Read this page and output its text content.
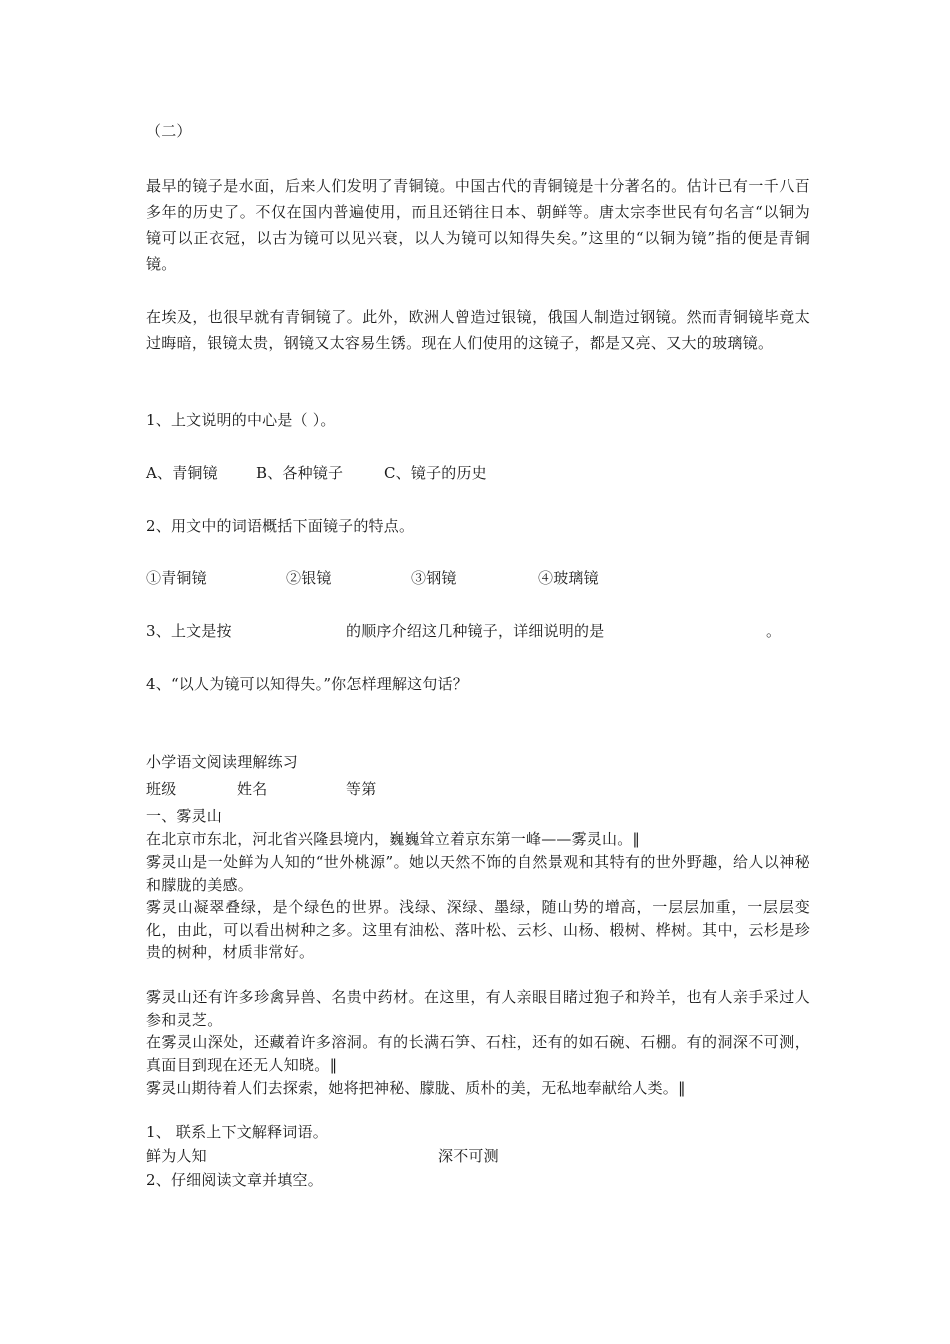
（二）
最早的镜子是水面，后来人们发明了青铜镜。中国古代的青铜镜是十分著名的。估计已有一千八百多年的历史了。不仅在国内普遍使用，而且还销往日本、朝鲜等。唐太宗李世民有句名言“以铜为镜可以正衣冠，以古为镜可以见兴衰，以人为镜可以知得失矣。”这里的“以铜为镜”指的便是青铜镜。
在埃及，也很早就有青铜镜了。此外，欧洲人曾造过银镜，俄国人制造过钢镜。然而青铜镜毕竟太过晦暗，银镜太贵，钢镜又太容易生锈。现在人们使用的这镜子，都是又亮、又大的玻璃镜。
1、上文说明的中心是（ ）。
A、青铜镜	B、各种镜子	C、镜子的历史
2、用文中的词语概括下面镜子的特点。
①青铜镜	②银镜	③钢镜	④玻璃镜
3、上文是按	的顺序介绍这几种镜子，详细说明的是	。
4、“以人为镜可以知得失。”你怎样理解这句话？
小学语文阅读理解练习
班级	姓名	等第
一、雾灵山
在北京市东北，河北省兴隆县境内，巍巍耸立着京东第一峰——雾灵山。‖
雾灵山是一处鲜为人知的“世外桃源”。她以天然不饰的自然景观和其特有的世外野趣，给人以神秘和朦胧的美感。
雾灵山凝翠叠绿，是个绿色的世界。浅绿、深绿、墨绿，随山势的增高，一层层加重，一层层变化，由此，可以看出树种之多。这里有油松、落叶松、云杉、山杨、椴树、桦树。其中，云杉是珍贵的树种，材质非常好。
雾灵山还有许多珍禽异兽、名贵中药材。在这里，有人亲眼目睹过狍子和羚羊，也有人亲手采过人参和灵芝。
在雾灵山深处，还藏着许多溶洞。有的长满石笋、石柱，还有的如石碗、石棚。有的洞深不可测，真面目到现在还无人知晓。‖
雾灵山期待着人们去探索，她将把神秘、朦胧、质朴的美，无私地奉献给人类。‖
1、 联系上下文解释词语。
鲜为人知	深不可测
2、仔细阅读文章并填空。
